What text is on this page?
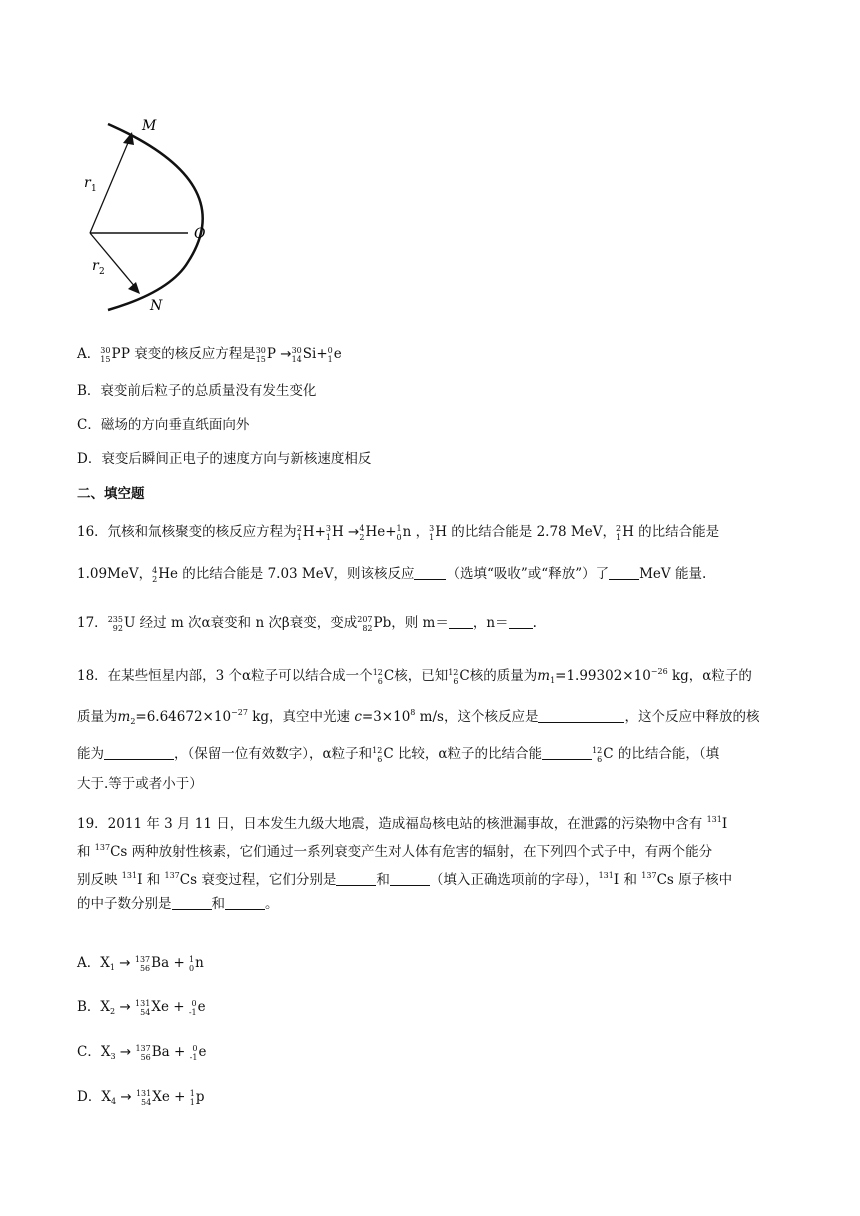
M
O
N
r 1
r 2
A． 30
15 P P 衰变的核反应方程是 30
15 P → 30
14 Si+ 0
1 e
B．衰变前后粒子的总质量没有发生变化
C．磁场的方向垂直纸面向外
D．衰变后瞬间正电子的速度方向与新核速度相反
二、填空题
16．氘核和氚核聚变的核反应方程为 2
1 H+ 3
1 H → 4
2 He+ 1
0 n ， 3
1 H 的比结合能是 2.78 MeV， 2
1 H 的比结合能是
1.09MeV， 4
2 He 的比结合能是 7.03 MeV，则该核反应 （选填“吸收”或“释放”）了 MeV 能量.
17． 235
92 U 经过 m 次α衰变和 n 次β衰变，变成 207
82 Pb，则 m＝ ，n＝ .
18．在某些恒星内部，3 个α粒子可以结合成一个 12
6 C核，已知 12
6 C核的质量为$m_1=1.99302\times 10^{-26}$ kg，α粒子的
质量为$m_2=6.64672\times 10^{-27}$ kg，真空中光速 $c=3\times 10^8$ m/s，这个核反应是	，这个反应中释放的核
能为	，（保留一位有效数字），α粒子和 12
6 C 比较，α粒子的比结合能	12
6 C 的比结合能，（填
大于.等于或者小于）
19．2011 年 3 月 11 日，日本发生九级大地震，造成福岛核电站的核泄漏事故，在泄露的污染物中含有 $^{131}$I
和 $^{137}$Cs 两种放射性核素，它们通过一系列衰变产生对人体有危害的辐射，在下列四个式子中，有两个能分
别反映 $^{131}$I 和 $^{137}$Cs 衰变过程，它们分别是	和	（填入正确选项前的字母），$^{131}$I 和 $^{137}$Cs 原子核中
的中子数分别是	和	。
A．$X_1 \to 137$
56 Ba + 1
0 n
B．$X_2 \to 131$
54 Xe + 0
-1 e
C．$X_3 \to 137$
56 Ba + 0
-1 e
D．$X_4 \to 131$
54 Xe + 1
1 p
